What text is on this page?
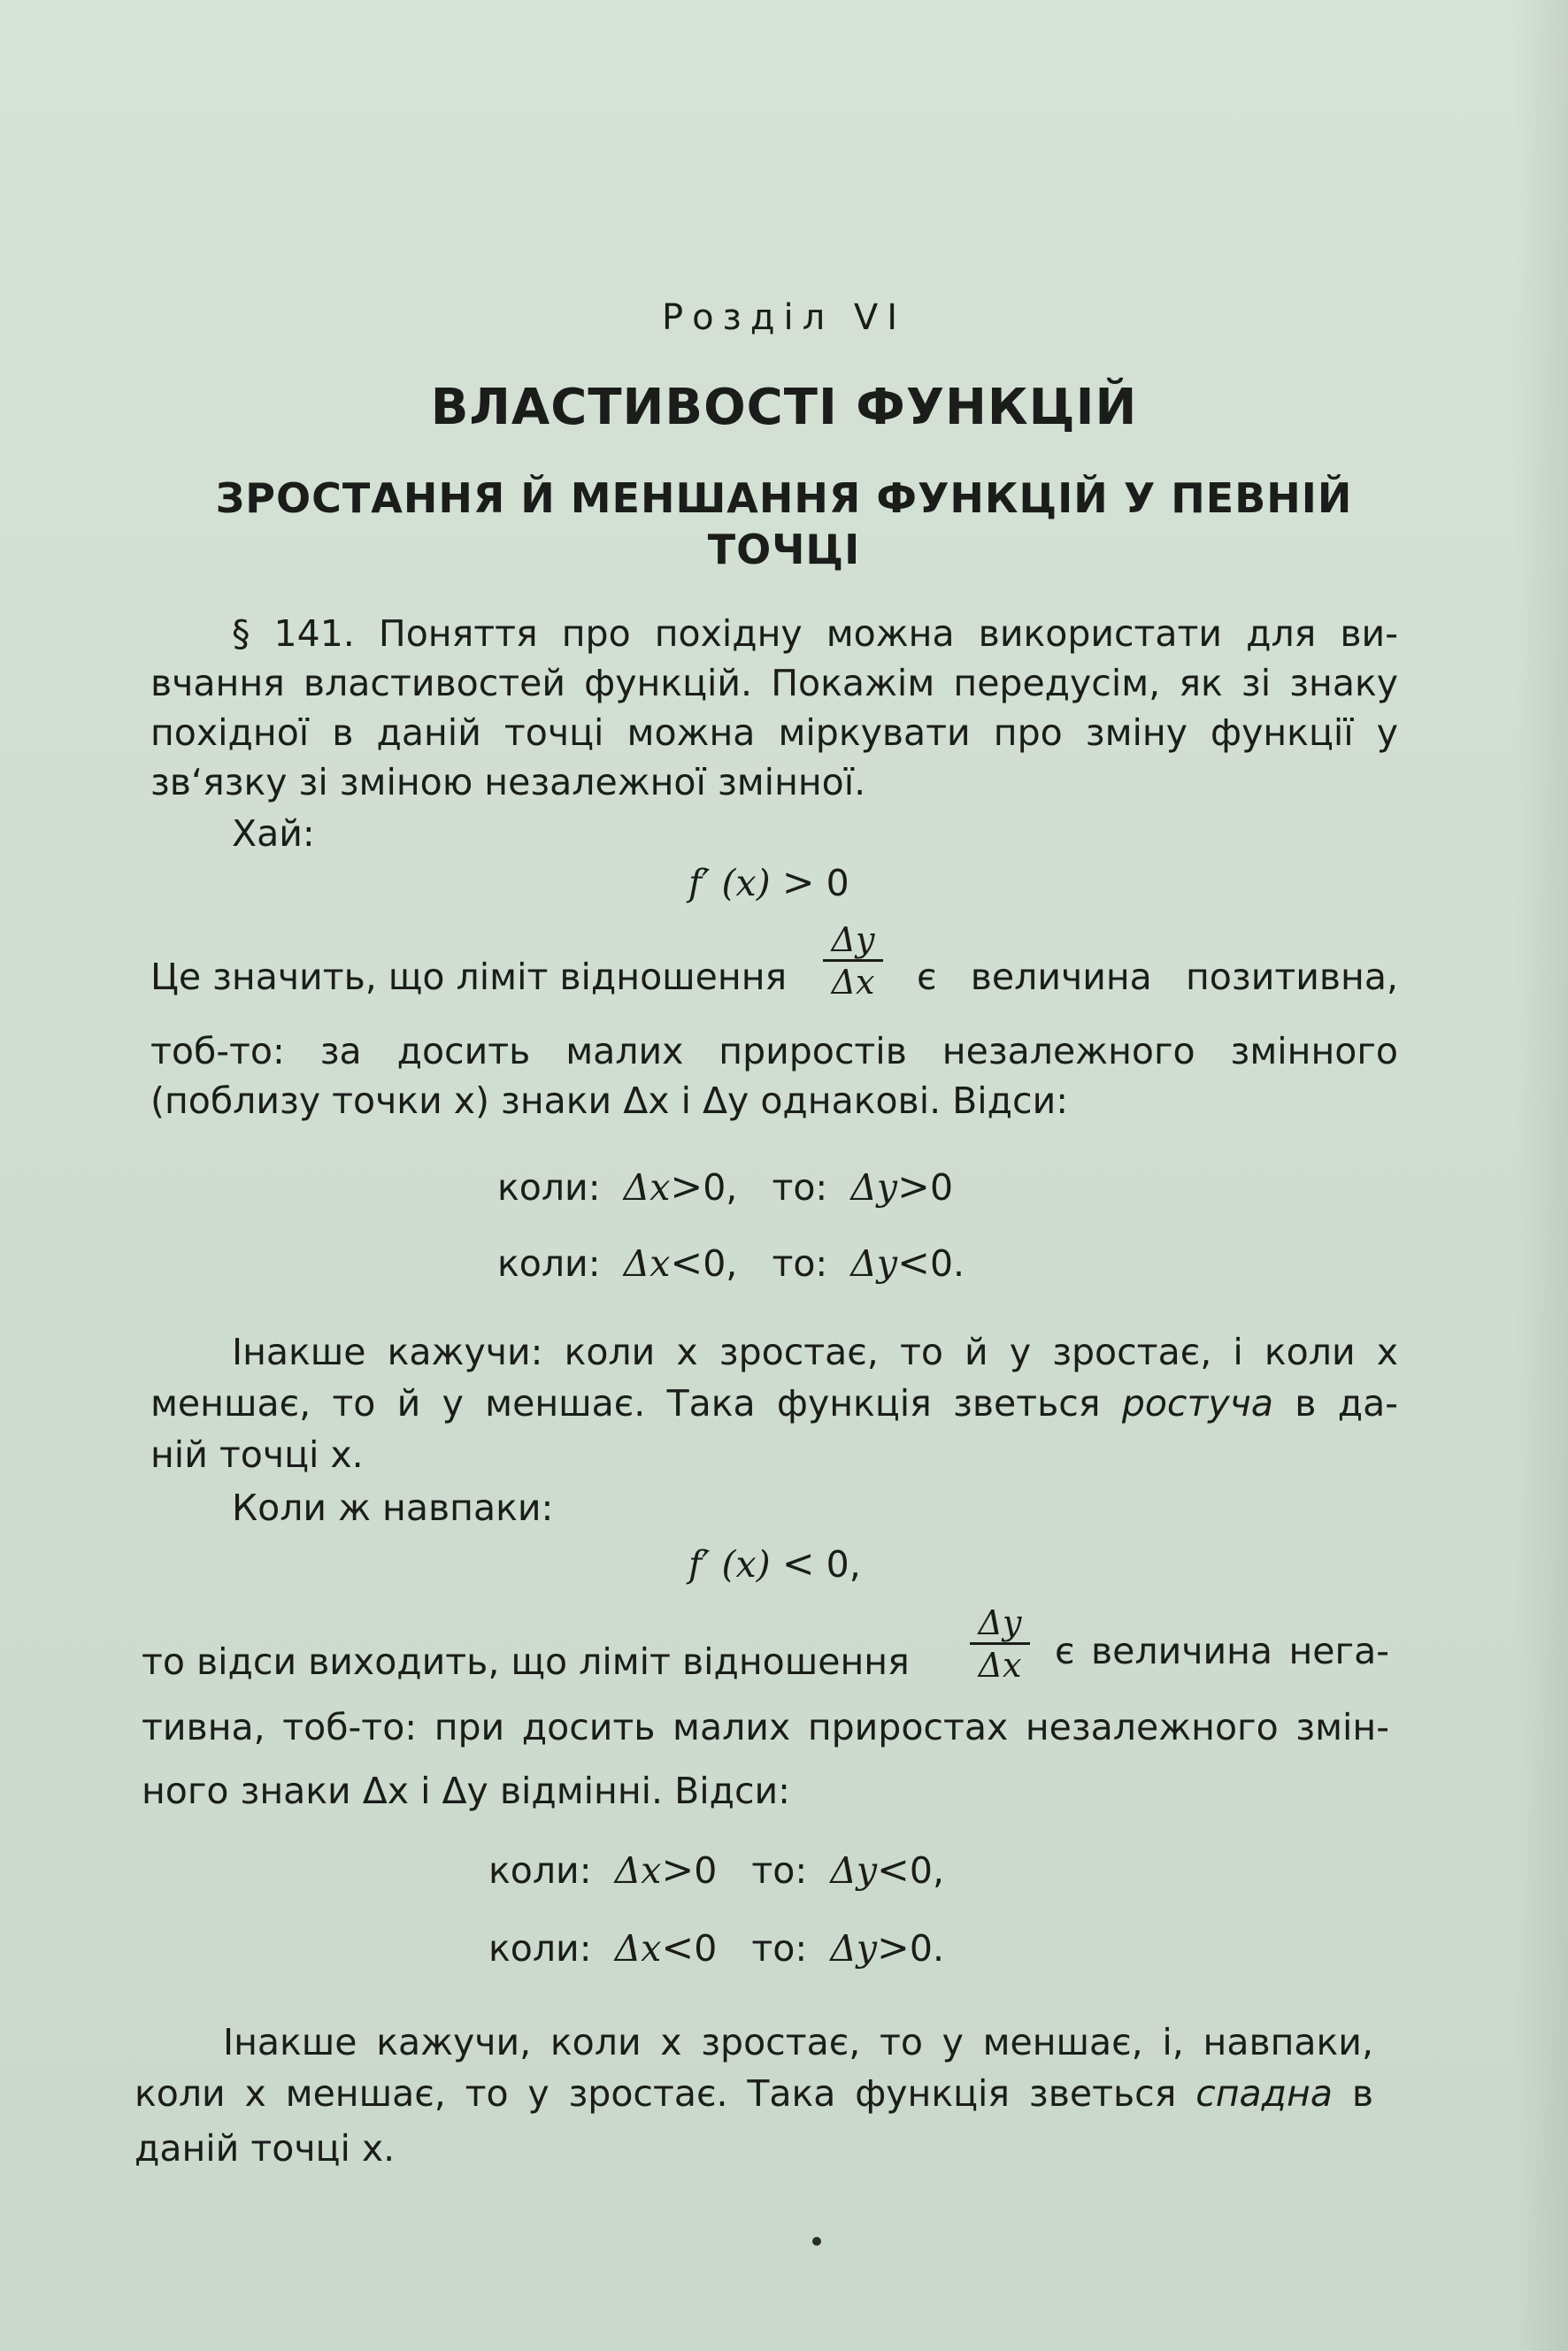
Розділ VI
ВЛАСТИВОСТІ ФУНКЦІЙ
ЗРОСТАННЯ Й МЕНШАННЯ ФУНКЦІЙ У ПЕВНІЙ
ТОЧЦІ
§ 141. Поняття про похідну можна використати для ви-
вчання властивостей функцій. Покажім передусім, як зі знаку
похідної в даній точці можна міркувати про зміну функції у
зв‘язку зі зміною незалежної змінної.
Хай:
f′ (x) > 0
Це значить, що ліміт відношення
Δy
Δx є величина позитивна,
тоб-то: за досить малих приростів незалежного змінного
(поблизу точки x) знаки Δx і Δy однакові. Відси:
коли: Δx>0, то: Δy>0
коли: Δx<0, то: Δy<0.
Інакше кажучи: коли x зростає, то й y зростає, і коли x
меншає, то й y меншає. Така функція зветься ростуча в да-
ній точці x.
Коли ж навпаки:
f′ (x) < 0,
то відси виходить, що ліміт відношення
Δy
Δx є величина нега-
тивна, тоб-то: при досить малих приростах незалежного змін-
ного знаки Δx і Δy відмінні. Відси:
коли: Δx>0 то: Δy<0,
коли: Δx<0 то: Δy>0.
Інакше кажучи, коли x зростає, то y меншає, і, навпаки,
коли x меншає, то y зростає. Така функція зветься спадна в
даній точці x.
